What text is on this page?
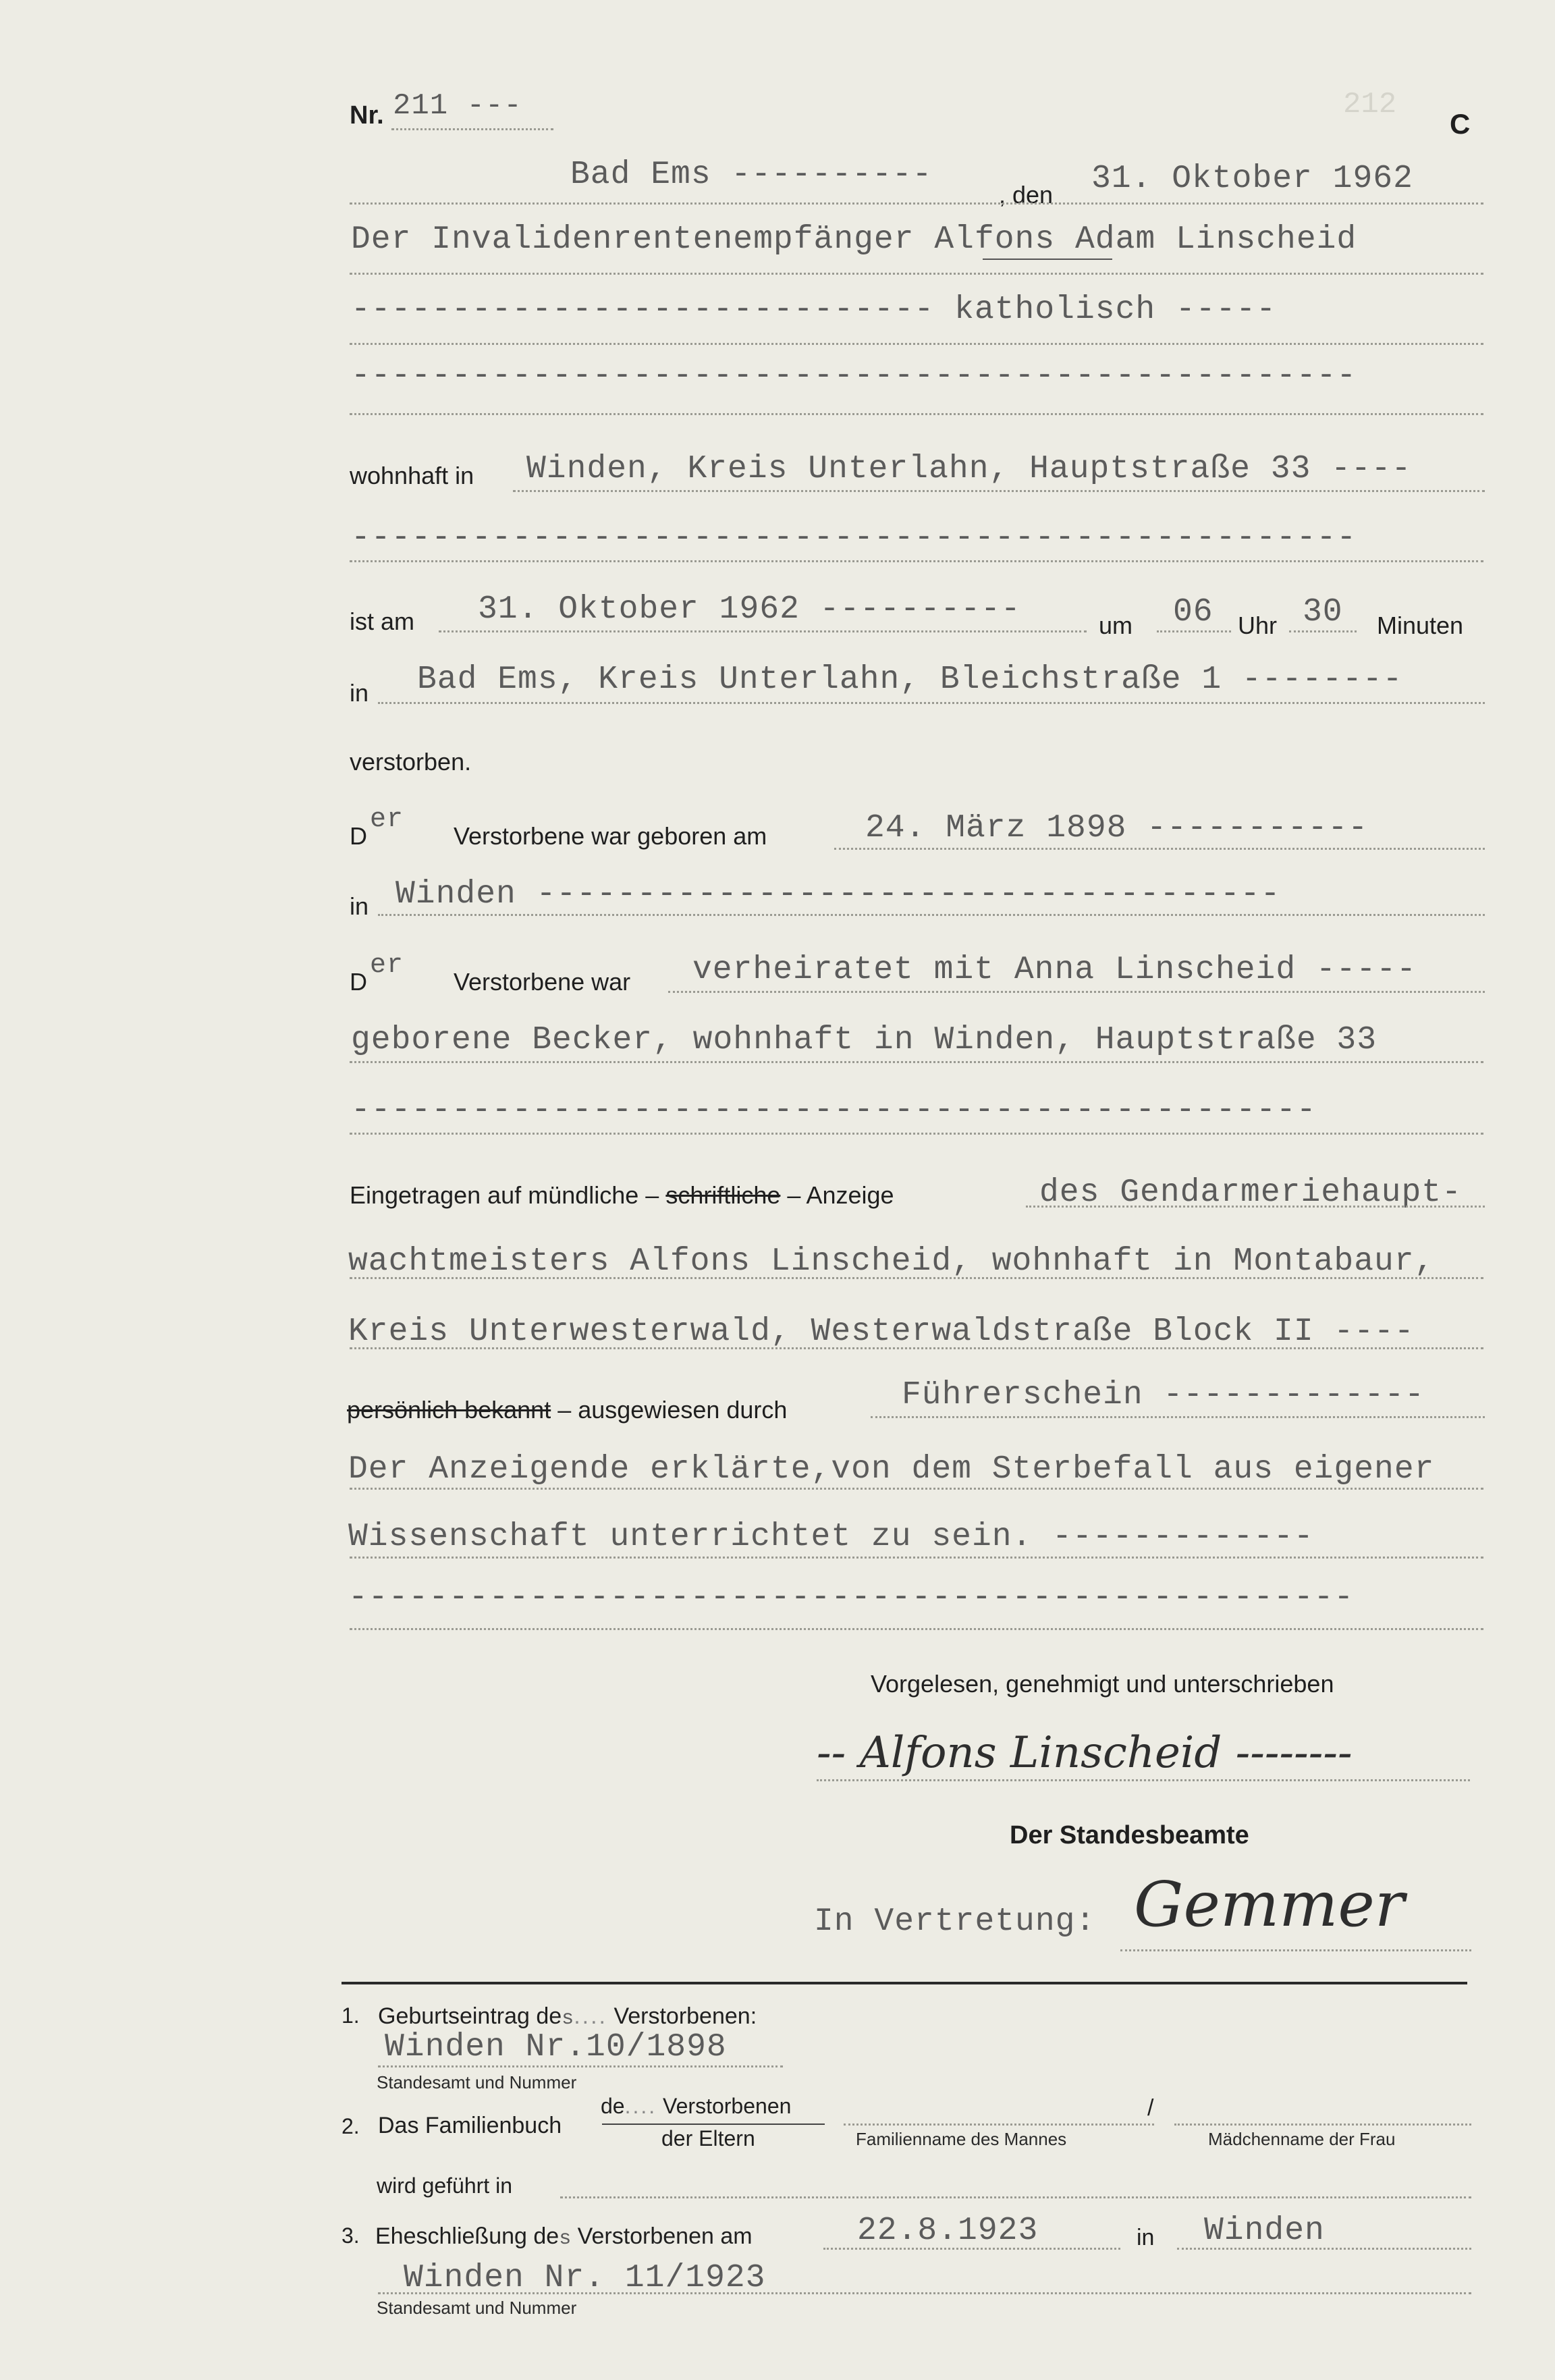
212
Nr. 211 ---
C
Bad Ems ----------
, den 31. Oktober 1962
Der Invalidenrentenempfänger Alfons Adam Linscheid
----------------------------- katholisch -----
--------------------------------------------------
wohnhaft in Winden, Kreis Unterlahn, Hauptstraße 33 ----
--------------------------------------------------
ist am 31. Oktober 1962 ----------	um 06 Uhr 30 Minuten
in Bad Ems, Kreis Unterlahn, Bleichstraße 1 --------
verstorben.
D
er
Verstorbene war geboren am	24. März 1898 -----------
in Winden -------------------------------------
D
er
Verstorbene war verheiratet mit Anna Linscheid -----
geborene Becker, wohnhaft in Winden, Hauptstraße 33
------------------------------------------------
Eingetragen auf mündliche – schriftliche – Anzeige	des Gendarmeriehaupt-
wachtmeisters Alfons Linscheid, wohnhaft in Montabaur,
Kreis Unterwesterwald, Westerwaldstraße Block II ----
persönlich bekannt – ausgewiesen durch	Führerschein -------------
Der Anzeigende erklärte,von dem Sterbefall aus eigener
Wissenschaft unterrichtet zu sein. -------------
--------------------------------------------------
Vorgelesen, genehmigt und unterschrieben
-- Alfons Linscheid --------
Der Standesbeamte
In Vertretung: Gemmer
1. Geburtseintrag des.... Verstorbenen:
Winden Nr.10/1898
Standesamt und Nummer
2. Das Familienbuch
de.... Verstorbenen
der Eltern	Familienname des Mannes
/
Mädchenname der Frau
wird geführt in
3. Eheschließung des Verstorbenen am	22.8.1923	in Winden
Winden Nr. 11/1923
Standesamt und Nummer
